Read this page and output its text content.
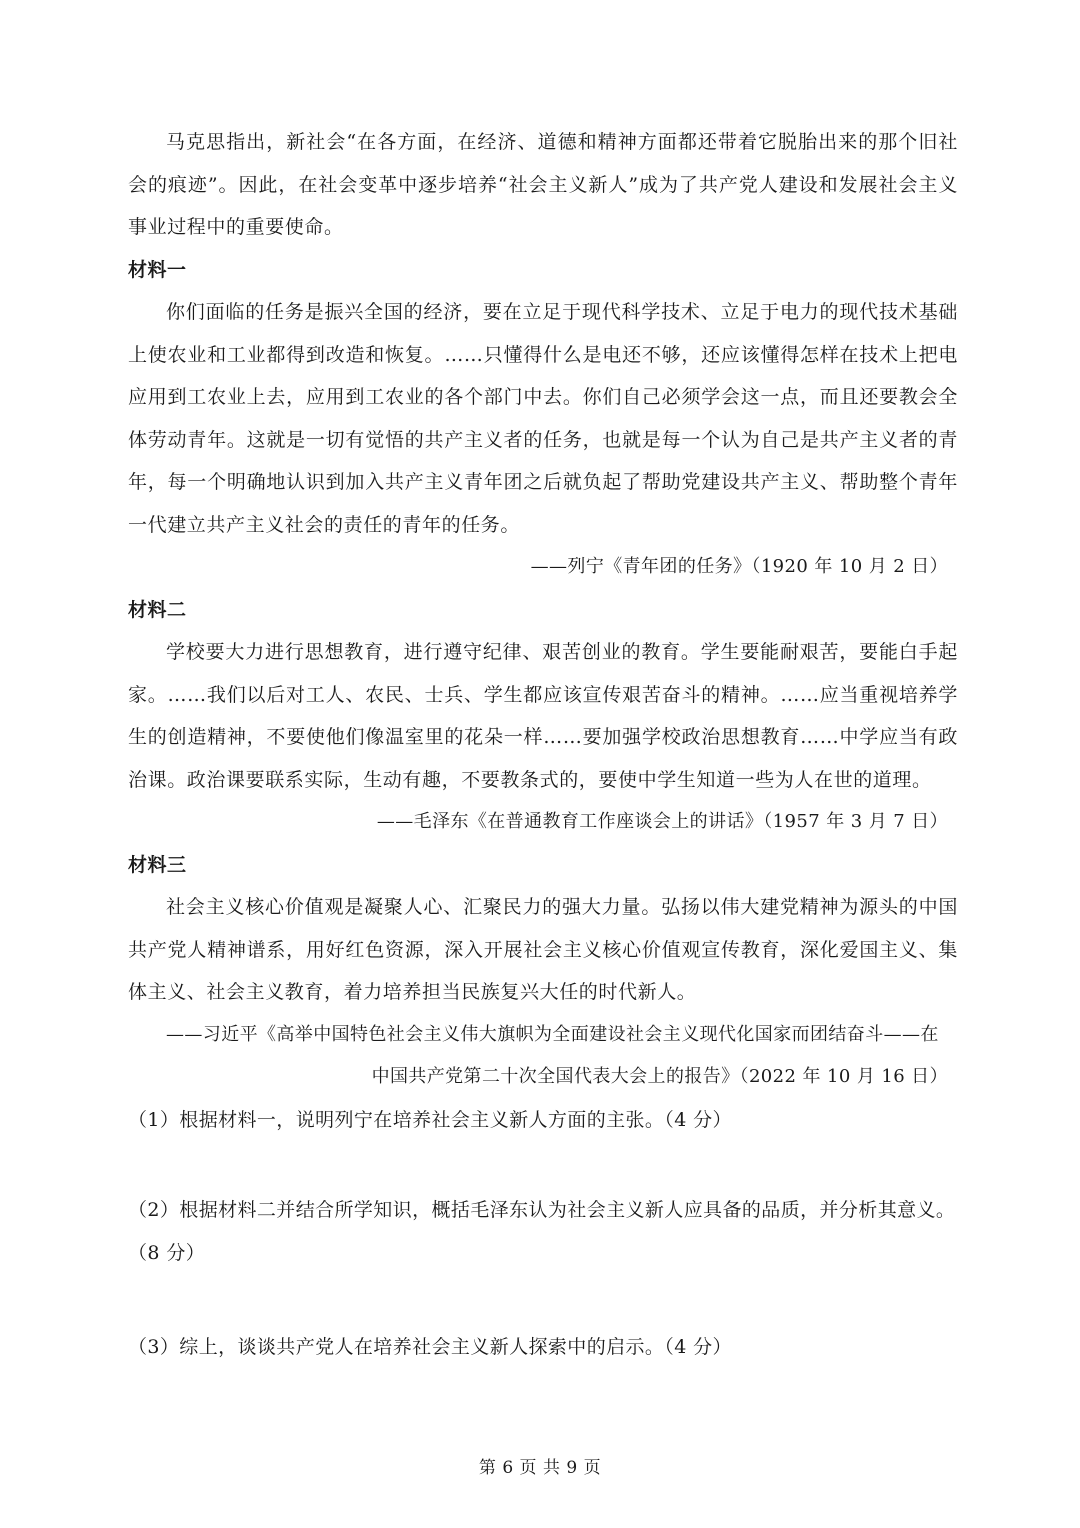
马克思指出，新社会“在各方面，在经济、道德和精神方面都还带着它脱胎出来的那个旧社会的痕迹”。因此，在社会变革中逐步培养“社会主义新人”成为了共产党人建设和发展社会主义事业过程中的重要使命。

材料一

你们面临的任务是振兴全国的经济，要在立足于现代科学技术、立足于电力的现代技术基础上使农业和工业都得到改造和恢复。……只懂得什么是电还不够，还应该懂得怎样在技术上把电应用到工农业上去，应用到工农业的各个部门中去。你们自己必须学会这一点，而且还要教会全体劳动青年。这就是一切有觉悟的共产主义者的任务，也就是每一个认为自己是共产主义者的青年，每一个明确地认识到加入共产主义青年团之后就负起了帮助党建设共产主义、帮助整个青年一代建立共产主义社会的责任的青年的任务。

——列宁《青年团的任务》（1920 年 10 月 2 日）

材料二

学校要大力进行思想教育，进行遵守纪律、艰苦创业的教育。学生要能耐艰苦，要能白手起家。……我们以后对工人、农民、士兵、学生都应该宣传艰苦奋斗的精神。……应当重视培养学生的创造精神，不要使他们像温室里的花朵一样……要加强学校政治思想教育……中学应当有政治课。政治课要联系实际，生动有趣，不要教条式的，要使中学生知道一些为人在世的道理。

——毛泽东《在普通教育工作座谈会上的讲话》（1957 年 3 月 7 日）

材料三

社会主义核心价值观是凝聚人心、汇聚民力的强大力量。弘扬以伟大建党精神为源头的中国共产党人精神谱系，用好红色资源，深入开展社会主义核心价值观宣传教育，深化爱国主义、集体主义、社会主义教育，着力培养担当民族复兴大任的时代新人。

——习近平《高举中国特色社会主义伟大旗帜为全面建设社会主义现代化国家而团结奋斗——在
中国共产党第二十次全国代表大会上的报告》（2022 年 10 月 16 日）

（1）根据材料一，说明列宁在培养社会主义新人方面的主张。（4 分）

（2）根据材料二并结合所学知识，概括毛泽东认为社会主义新人应具备的品质，并分析其意义。（8 分）

（3）综上，谈谈共产党人在培养社会主义新人探索中的启示。（4 分）

第 6 页 共 9 页
